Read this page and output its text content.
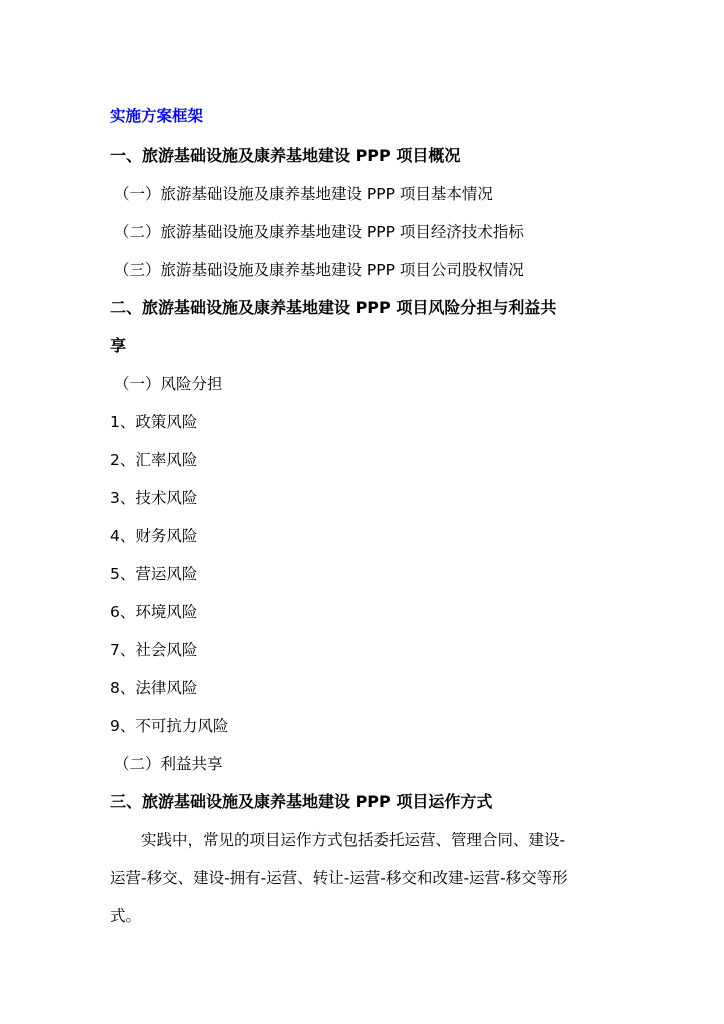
实施方案框架
一、旅游基础设施及康养基地建设 PPP 项目概况
（一）旅游基础设施及康养基地建设 PPP 项目基本情况
（二）旅游基础设施及康养基地建设 PPP 项目经济技术指标
（三）旅游基础设施及康养基地建设 PPP 项目公司股权情况
二、旅游基础设施及康养基地建设 PPP 项目风险分担与利益共
享
（一）风险分担
1、政策风险
2、汇率风险
3、技术风险
4、财务风险
5、营运风险
6、环境风险
7、社会风险
8、法律风险
9、不可抗力风险
（二）利益共享
三、旅游基础设施及康养基地建设 PPP 项目运作方式
　　实践中，常见的项目运作方式包括委托运营、管理合同、建设-
运营-移交、建设-拥有-运营、转让-运营-移交和改建-运营-移交等形
式。
